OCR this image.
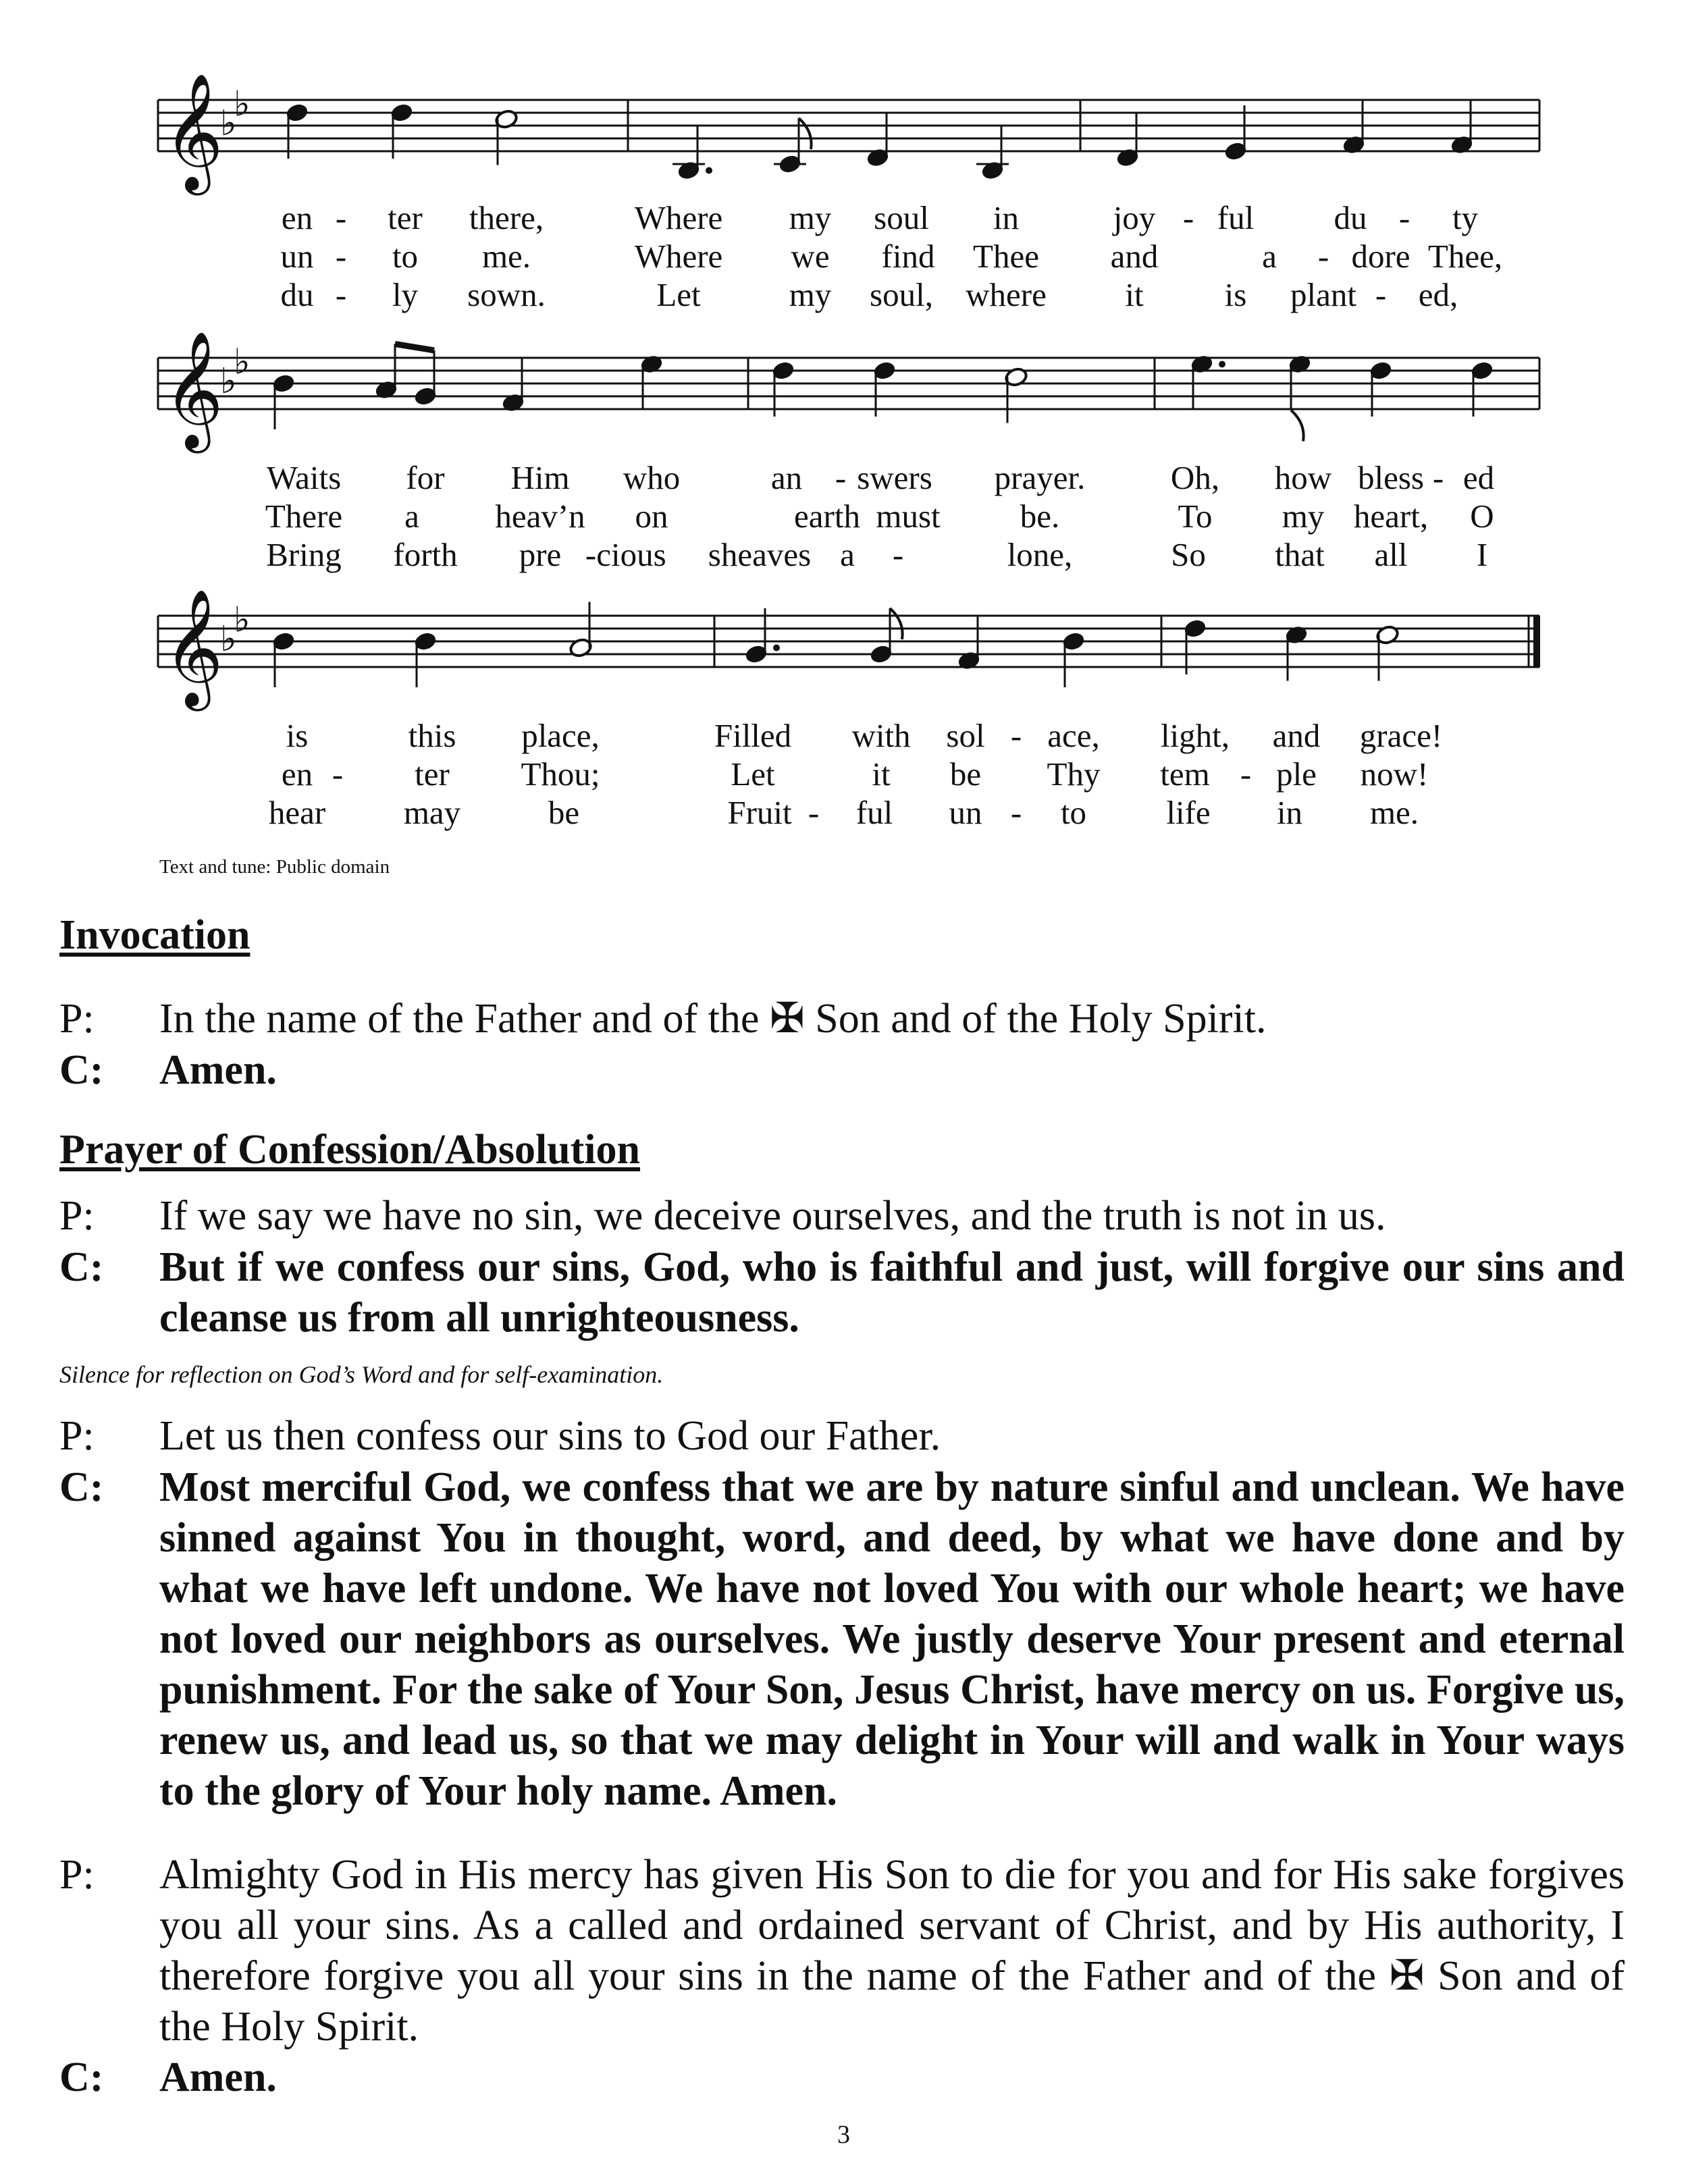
𝄞
♭
♭
𝄞
♭
♭
𝄞
♭
♭
en - ter there,	Where my soul in	joy - ful du - ty
un - to me.	Where we find Thee and	a - dore Thee,
du - ly sown.	Let	my soul, where it is plant - ed,
Waits for Him who	an - swers prayer.	Oh, how bless - ed
There a heav’n on	earth must be.	To my heart, O
Bring forth pre - cious sheaves a -	lone,	So that all I
is	this place,	Filled with sol - ace, light, and grace!
en - ter Thou;	Let	it be Thy tem - ple now!
hear may	be	Fruit - ful un - to life in me.
Text and tune: Public domain
Invocation
P:	In the name of the Father and of the ✠ Son and of the Holy Spirit.
C:	Amen.
Prayer of Confession/Absolution
P:	If we say we have no sin, we deceive ourselves, and the truth is not in us.
C:	But if we confess our sins, God, who is faithful and just, will forgive our sins and cleanse us from all unrighteousness.
Silence for reflection on God’s Word and for self-examination.
P:	Let us then confess our sins to God our Father.
C:	Most merciful God, we confess that we are by nature sinful and unclean. We have sinned against You in thought, word, and deed, by what we have done and by what we have left undone. We have not loved You with our whole heart; we have not loved our neighbors as ourselves. We justly deserve Your present and eternal punishment. For the sake of Your Son, Jesus Christ, have mercy on us. Forgive us, renew us, and lead us, so that we may delight in Your will and walk in Your ways to the glory of Your holy name. Amen.
P:	Almighty God in His mercy has given His Son to die for you and for His sake forgives you all your sins. As a called and ordained servant of Christ, and by His authority, I therefore forgive you all your sins in the name of the Father and of the ✠ Son and of the Holy Spirit.
C:	Amen.
3
